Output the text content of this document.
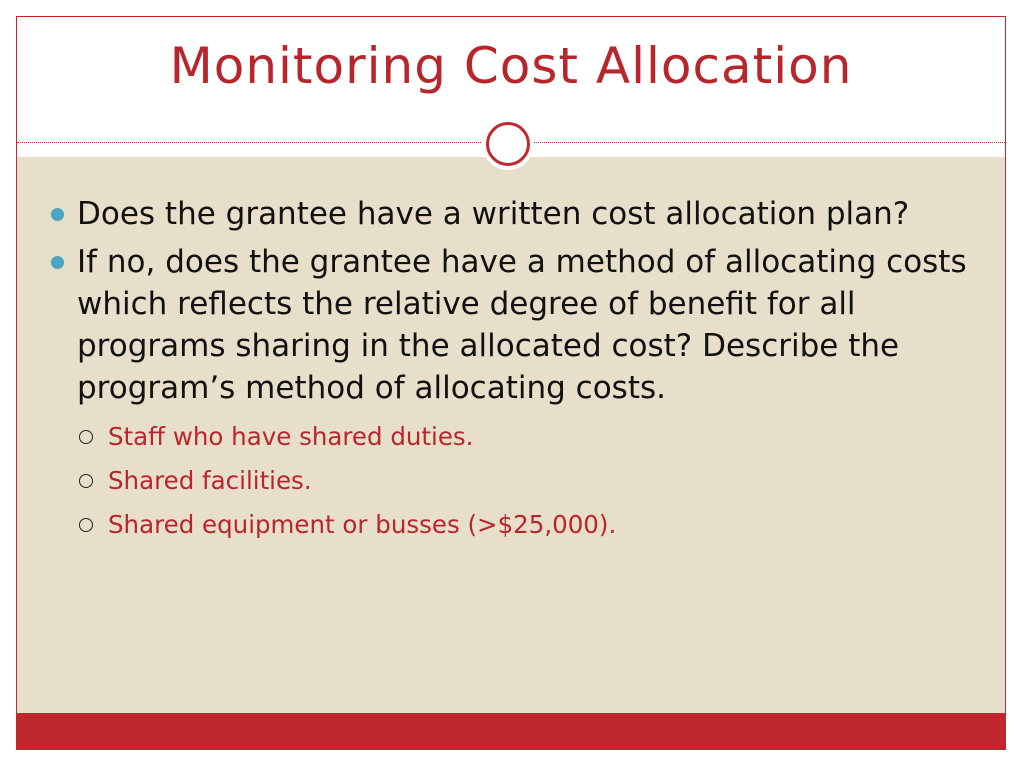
Monitoring Cost Allocation
Does the grantee have a written cost allocation plan?
If no, does the grantee have a method of allocating costs which reflects the relative degree of benefit for all programs sharing in the allocated cost? Describe the program’s method of allocating costs.
Staff who have shared duties.
Shared facilities.
Shared equipment or busses (>$25,000).
